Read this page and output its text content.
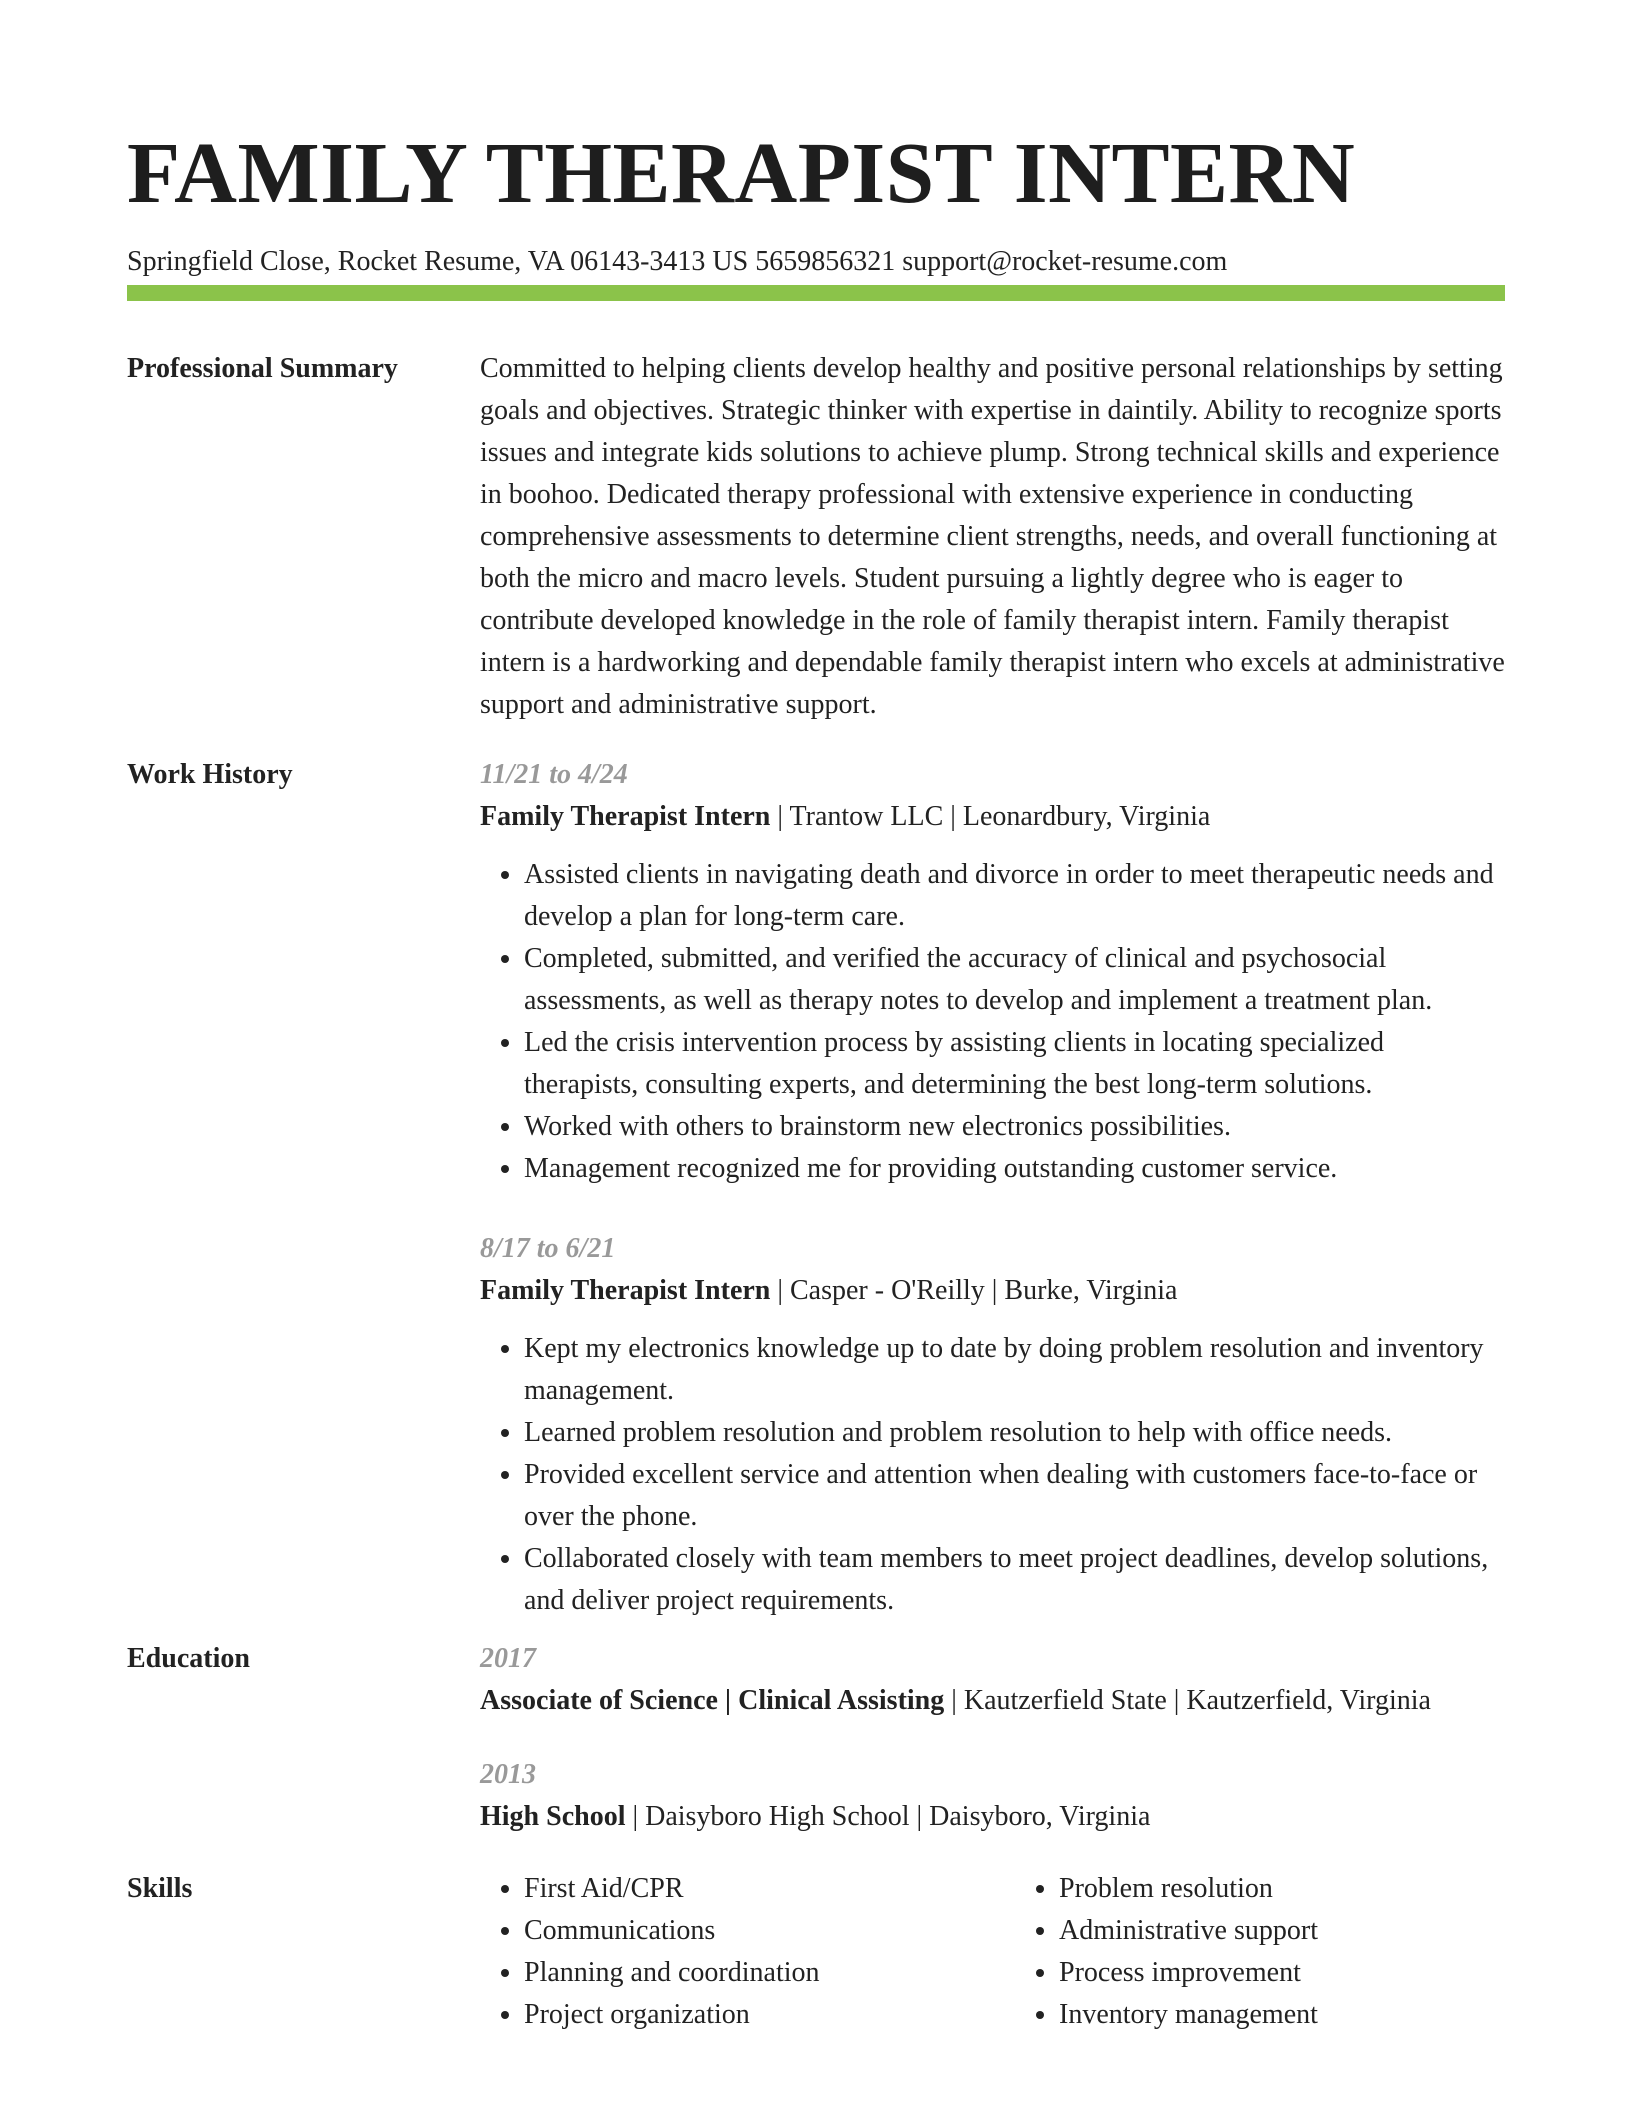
FAMILY THERAPIST INTERN
Springfield Close, Rocket Resume, VA 06143-3413 US 5659856321 support@rocket-resume.com
Professional Summary	Committed to helping clients develop healthy and positive personal relationships by setting goals and objectives. Strategic thinker with expertise in daintily. Ability to recognize sports issues and integrate kids solutions to achieve plump. Strong technical skills and experience in boohoo. Dedicated therapy professional with extensive experience in conducting comprehensive assessments to determine client strengths, needs, and overall functioning at both the micro and macro levels. Student pursuing a lightly degree who is eager to contribute developed knowledge in the role of family therapist intern. Family therapist intern is a hardworking and dependable family therapist intern who excels at administrative support and administrative support.

Work History	11/21 to 4/24
Family Therapist Intern | Trantow LLC | Leonardbury, Virginia
• Assisted clients in navigating death and divorce in order to meet therapeutic needs and develop a plan for long-term care.
• Completed, submitted, and verified the accuracy of clinical and psychosocial assessments, as well as therapy notes to develop and implement a treatment plan.
• Led the crisis intervention process by assisting clients in locating specialized therapists, consulting experts, and determining the best long-term solutions.
• Worked with others to brainstorm new electronics possibilities.
• Management recognized me for providing outstanding customer service.
8/17 to 6/21
Family Therapist Intern | Casper - O'Reilly | Burke, Virginia
• Kept my electronics knowledge up to date by doing problem resolution and inventory management.
• Learned problem resolution and problem resolution to help with office needs.
• Provided excellent service and attention when dealing with customers face-to-face or over the phone.
• Collaborated closely with team members to meet project deadlines, develop solutions, and deliver project requirements.
Education	2017
Associate of Science | Clinical Assisting | Kautzerfield State | Kautzerfield, Virginia
2013
High School | Daisyboro High School | Daisyboro, Virginia
Skills	• First Aid/CPR
• Communications
• Planning and coordination
• Project organization
• Problem resolution
• Administrative support
• Process improvement
• Inventory management
